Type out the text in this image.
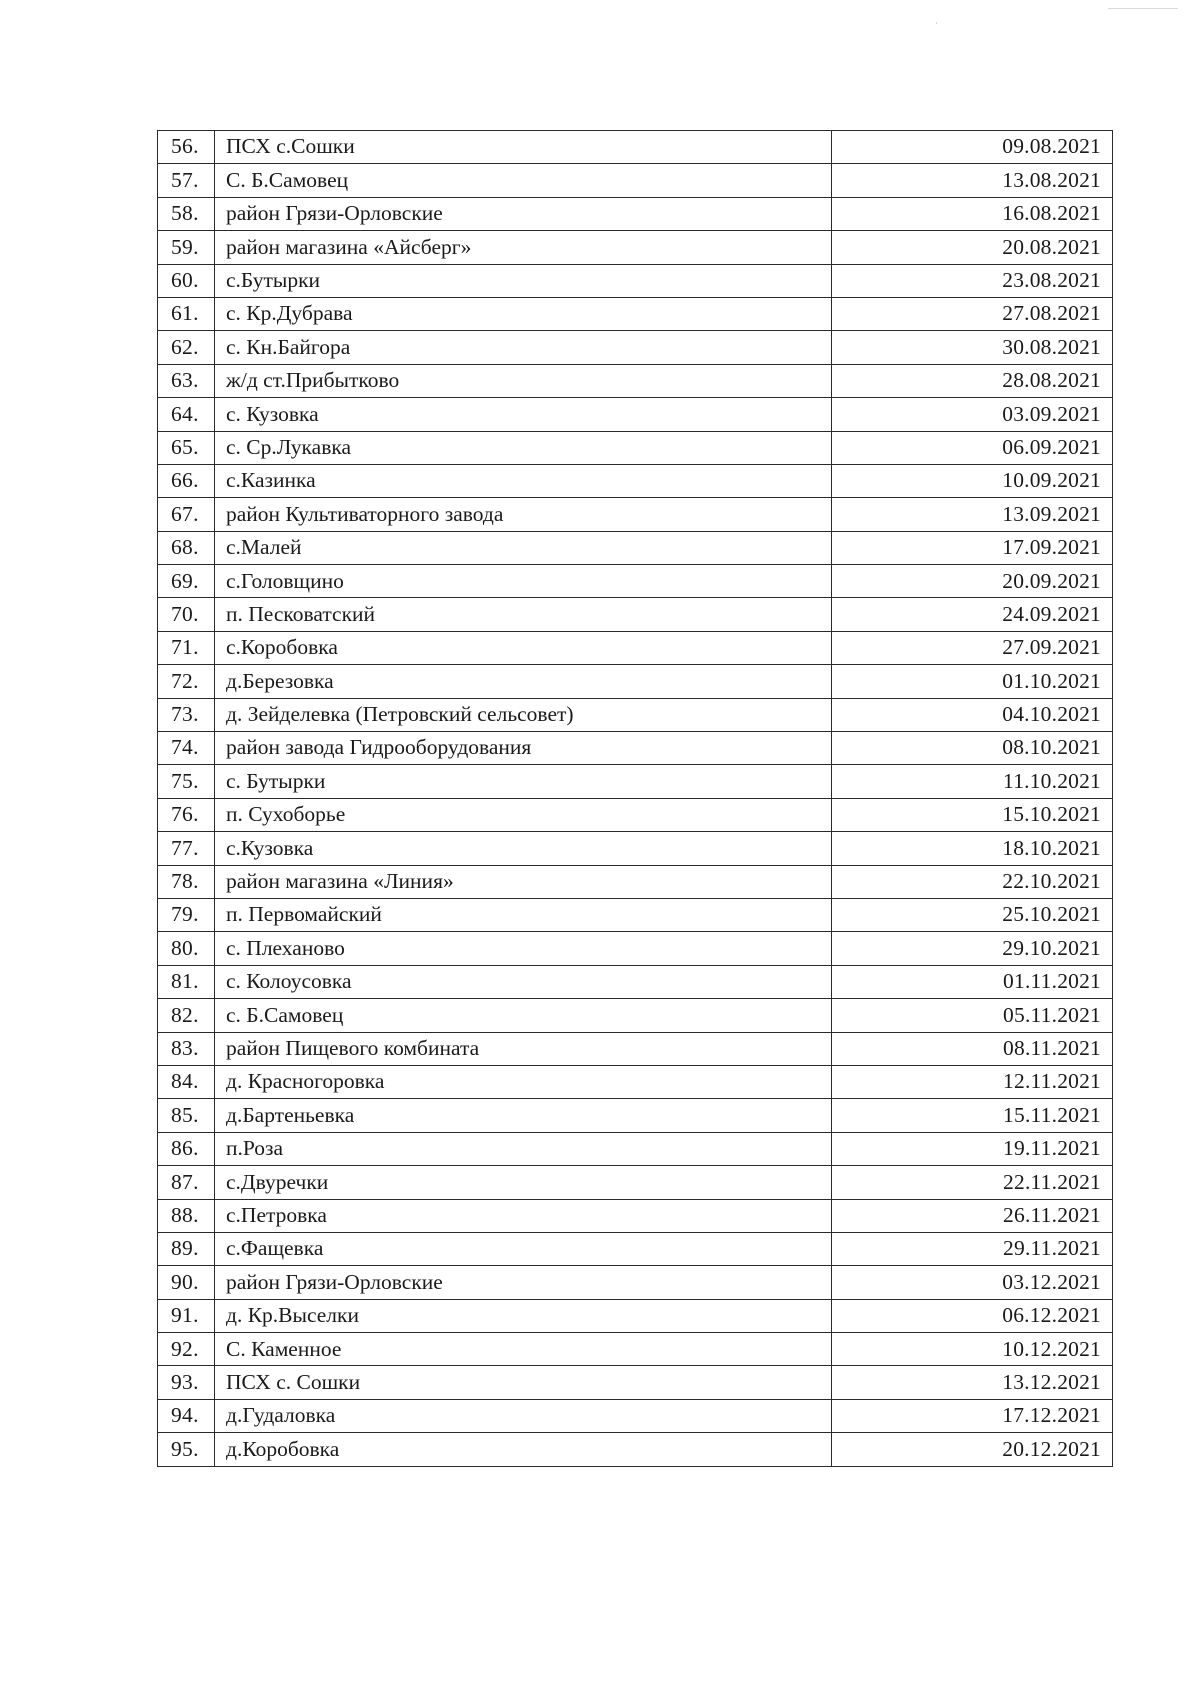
56.	ПСХ с.Сошки	09.08.2021
57.	С. Б.Самовец	13.08.2021
58.	район Грязи-Орловские	16.08.2021
59.	район магазина «Айсберг»	20.08.2021
60.	с.Бутырки	23.08.2021
61.	с. Кр.Дубрава	27.08.2021
62.	с. Кн.Байгора	30.08.2021
63.	ж/д ст.Прибытково	28.08.2021
64.	с. Кузовка	03.09.2021
65.	с. Ср.Лукавка	06.09.2021
66.	с.Казинка	10.09.2021
67.	район Культиваторного завода	13.09.2021
68.	с.Малей	17.09.2021
69.	с.Головщино	20.09.2021
70.	п. Песковатский	24.09.2021
71.	с.Коробовка	27.09.2021
72.	д.Березовка	01.10.2021
73.	д. Зейделевка (Петровский сельсовет)	04.10.2021
74.	район завода Гидрооборудования	08.10.2021
75.	с. Бутырки	11.10.2021
76.	п. Сухоборье	15.10.2021
77.	с.Кузовка	18.10.2021
78.	район магазина «Линия»	22.10.2021
79.	п. Первомайский	25.10.2021
80.	с. Плеханово	29.10.2021
81.	с. Колоусовка	01.11.2021
82.	с. Б.Самовец	05.11.2021
83.	район Пищевого комбината	08.11.2021
84.	д. Красногоровка	12.11.2021
85.	д.Бартеньевка	15.11.2021
86.	п.Роза	19.11.2021
87.	с.Двуречки	22.11.2021
88.	с.Петровка	26.11.2021
89.	с.Фащевка	29.11.2021
90.	район Грязи-Орловские	03.12.2021
91.	д. Кр.Выселки	06.12.2021
92.	С. Каменное	10.12.2021
93.	ПСХ с. Сошки	13.12.2021
94.	д.Гудаловка	17.12.2021
95.	д.Коробовка	20.12.2021
